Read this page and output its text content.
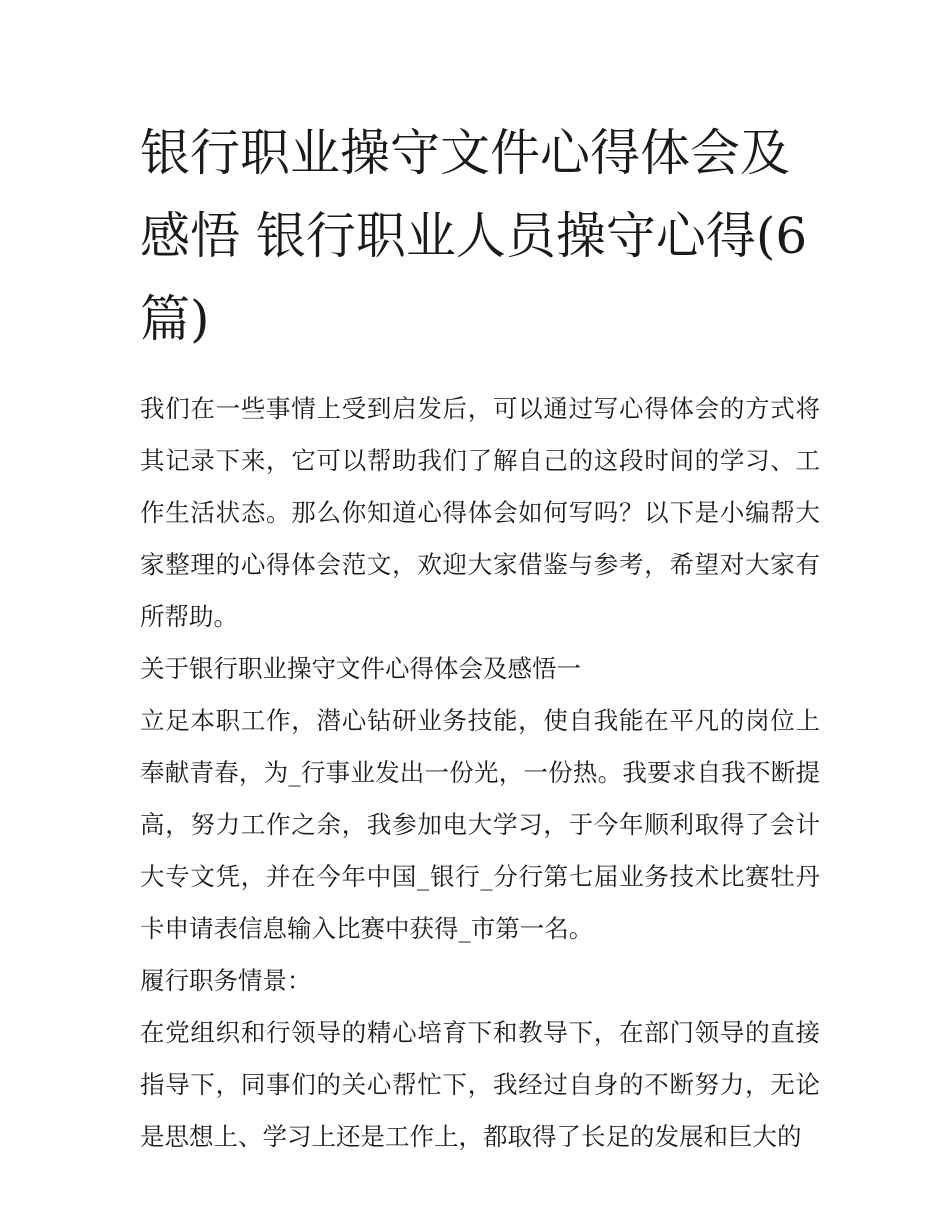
银行职业操守文件心得体会及感悟 银行职业人员操守心得(6篇)

我们在一些事情上受到启发后，可以通过写心得体会的方式将其记录下来，它可以帮助我们了解自己的这段时间的学习、工作生活状态。那么你知道心得体会如何写吗？以下是小编帮大家整理的心得体会范文，欢迎大家借鉴与参考，希望对大家有所帮助。

关于银行职业操守文件心得体会及感悟一

立足本职工作，潜心钻研业务技能，使自我能在平凡的岗位上奉献青春，为_行事业发出一份光，一份热。我要求自我不断提高，努力工作之余，我参加电大学习，于今年顺利取得了会计大专文凭，并在今年中国_银行_分行第七届业务技术比赛牡丹卡申请表信息输入比赛中获得_市第一名。

履行职务情景：

在党组织和行领导的精心培育下和教导下，在部门领导的直接指导下，同事们的关心帮忙下，我经过自身的不断努力，无论是思想上、学习上还是工作上，都取得了长足的发展和巨大的
